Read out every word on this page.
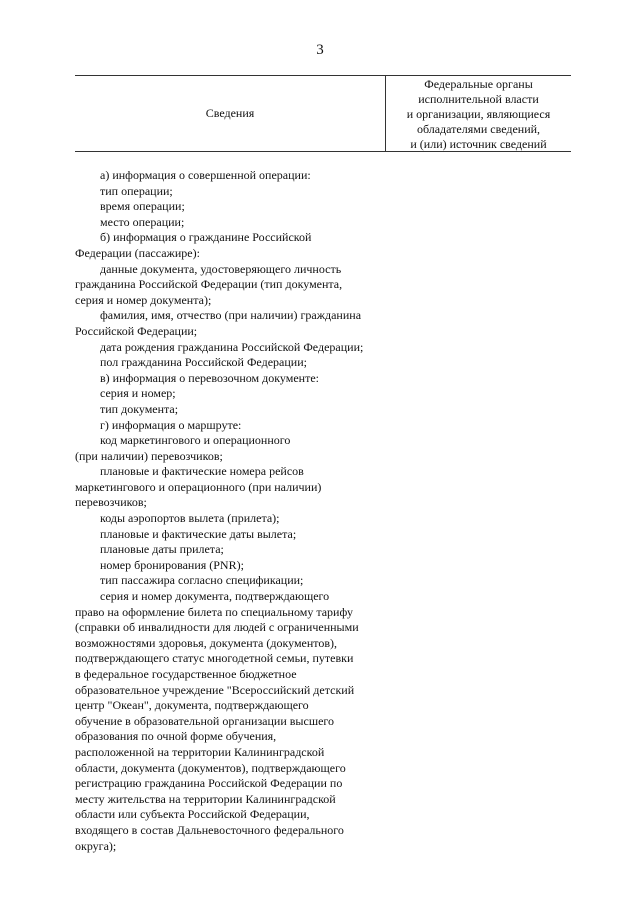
3
Сведения
Федеральные органы
исполнительной власти
и организации, являющиеся
обладателями сведений,
и (или) источник сведений
а) информация о совершенной операции:
тип операции;
время операции;
место операции;
б) информация о гражданине Российской
Федерации (пассажире):
данные документа, удостоверяющего личность
гражданина Российской Федерации (тип документа,
серия и номер документа);
фамилия, имя, отчество (при наличии) гражданина
Российской Федерации;
дата рождения гражданина Российской Федерации;
пол гражданина Российской Федерации;
в) информация о перевозочном документе:
серия и номер;
тип документа;
г) информация о маршруте:
код маркетингового и операционного
(при наличии) перевозчиков;
плановые и фактические номера рейсов
маркетингового и операционного (при наличии)
перевозчиков;
коды аэропортов вылета (прилета);
плановые и фактические даты вылета;
плановые даты прилета;
номер бронирования (PNR);
тип пассажира согласно спецификации;
серия и номер документа, подтверждающего
право на оформление билета по специальному тарифу
(справки об инвалидности для людей с ограниченными
возможностями здоровья, документа (документов),
подтверждающего статус многодетной семьи, путевки
в федеральное государственное бюджетное
образовательное учреждение "Всероссийский детский
центр "Океан", документа, подтверждающего
обучение в образовательной организации высшего
образования по очной форме обучения,
расположенной на территории Калининградской
области, документа (документов), подтверждающего
регистрацию гражданина Российской Федерации по
месту жительства на территории Калининградской
области или субъекта Российской Федерации,
входящего в состав Дальневосточного федерального
округа);
